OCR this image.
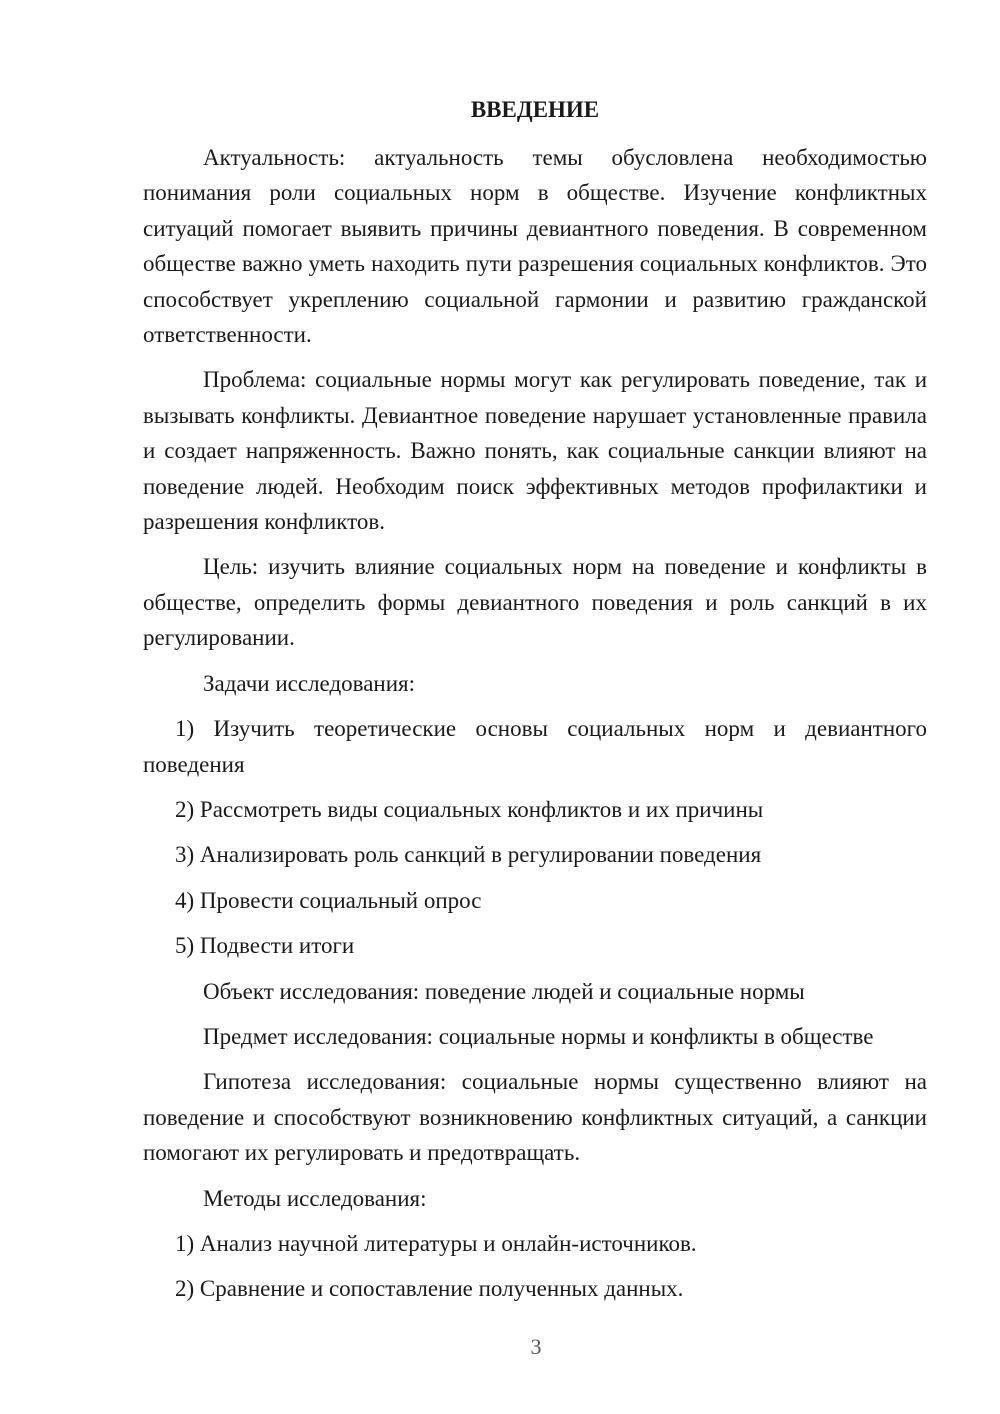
ВВЕДЕНИЕ

Актуальность: актуальность темы обусловлена необходимостью понимания роли социальных норм в обществе. Изучение конфликтных ситуаций помогает выявить причины девиантного поведения. В современном обществе важно уметь находить пути разрешения социальных конфликтов. Это способствует укреплению социальной гармонии и развитию гражданской ответственности.

Проблема: социальные нормы могут как регулировать поведение, так и вызывать конфликты. Девиантное поведение нарушает установленные правила и создает напряженность. Важно понять, как социальные санкции влияют на поведение людей. Необходим поиск эффективных методов профилактики и разрешения конфликтов.

Цель: изучить влияние социальных норм на поведение и конфликты в обществе, определить формы девиантного поведения и роль санкций в их регулировании.

Задачи исследования:

1) Изучить теоретические основы социальных норм и девиантного поведения

2) Рассмотреть виды социальных конфликтов и их причины

3) Анализировать роль санкций в регулировании поведения

4) Провести социальный опрос

5) Подвести итоги

Объект исследования: поведение людей и социальные нормы

Предмет исследования: социальные нормы и конфликты в обществе

Гипотеза исследования: социальные нормы существенно влияют на поведение и способствуют возникновению конфликтных ситуаций, а санкции помогают их регулировать и предотвращать.

Методы исследования:

1) Анализ научной литературы и онлайн-источников.

2) Сравнение и сопоставление полученных данных.

3
